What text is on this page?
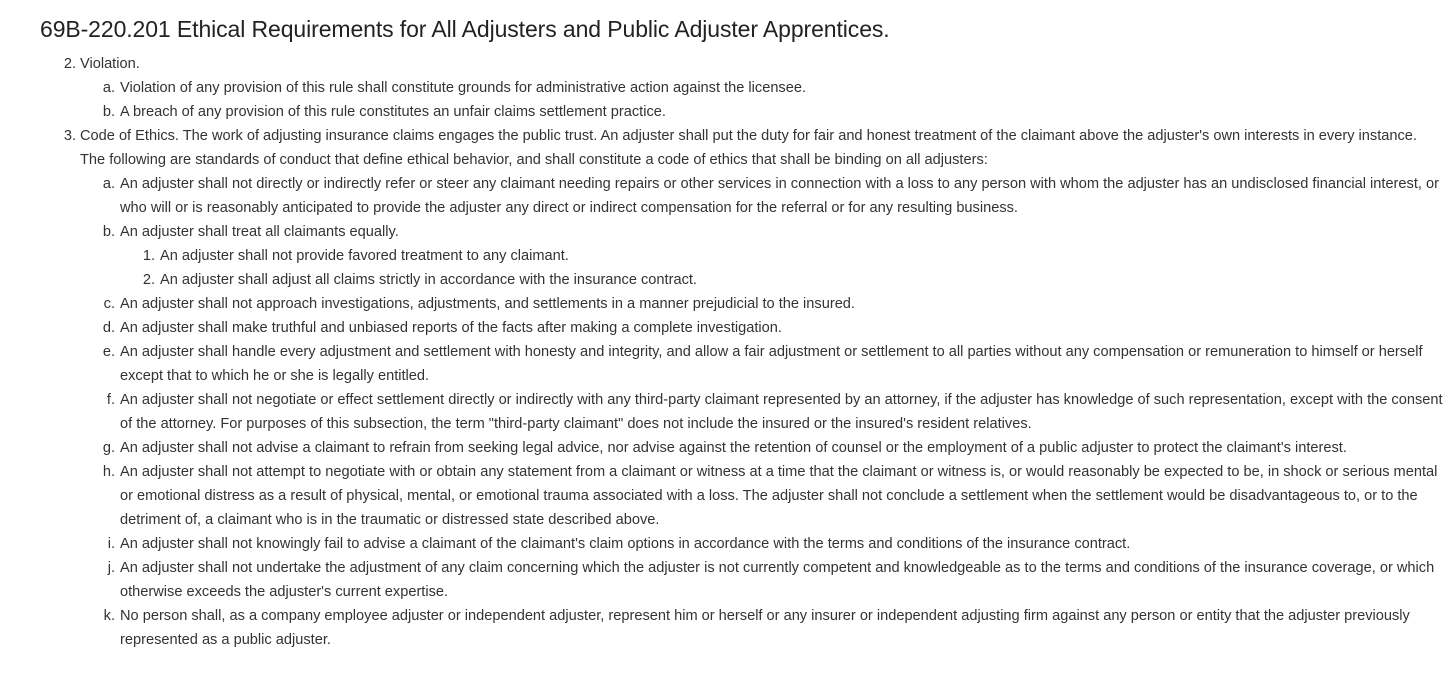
69B-220.201 Ethical Requirements for All Adjusters and Public Adjuster Apprentices.
2. Violation.
a. Violation of any provision of this rule shall constitute grounds for administrative action against the licensee.
b. A breach of any provision of this rule constitutes an unfair claims settlement practice.
3. Code of Ethics. The work of adjusting insurance claims engages the public trust. An adjuster shall put the duty for fair and honest treatment of the claimant above the adjuster's own interests in every instance. The following are standards of conduct that define ethical behavior, and shall constitute a code of ethics that shall be binding on all adjusters:
a. An adjuster shall not directly or indirectly refer or steer any claimant needing repairs or other services in connection with a loss to any person with whom the adjuster has an undisclosed financial interest, or who will or is reasonably anticipated to provide the adjuster any direct or indirect compensation for the referral or for any resulting business.
b. An adjuster shall treat all claimants equally.
1. An adjuster shall not provide favored treatment to any claimant.
2. An adjuster shall adjust all claims strictly in accordance with the insurance contract.
c. An adjuster shall not approach investigations, adjustments, and settlements in a manner prejudicial to the insured.
d. An adjuster shall make truthful and unbiased reports of the facts after making a complete investigation.
e. An adjuster shall handle every adjustment and settlement with honesty and integrity, and allow a fair adjustment or settlement to all parties without any compensation or remuneration to himself or herself except that to which he or she is legally entitled.
f. An adjuster shall not negotiate or effect settlement directly or indirectly with any third-party claimant represented by an attorney, if the adjuster has knowledge of such representation, except with the consent of the attorney. For purposes of this subsection, the term "third-party claimant" does not include the insured or the insured's resident relatives.
g. An adjuster shall not advise a claimant to refrain from seeking legal advice, nor advise against the retention of counsel or the employment of a public adjuster to protect the claimant's interest.
h. An adjuster shall not attempt to negotiate with or obtain any statement from a claimant or witness at a time that the claimant or witness is, or would reasonably be expected to be, in shock or serious mental or emotional distress as a result of physical, mental, or emotional trauma associated with a loss. The adjuster shall not conclude a settlement when the settlement would be disadvantageous to, or to the detriment of, a claimant who is in the traumatic or distressed state described above.
i. An adjuster shall not knowingly fail to advise a claimant of the claimant's claim options in accordance with the terms and conditions of the insurance contract.
j. An adjuster shall not undertake the adjustment of any claim concerning which the adjuster is not currently competent and knowledgeable as to the terms and conditions of the insurance coverage, or which otherwise exceeds the adjuster's current expertise.
k. No person shall, as a company employee adjuster or independent adjuster, represent him or herself or any insurer or independent adjusting firm against any person or entity that the adjuster previously represented as a public adjuster.
